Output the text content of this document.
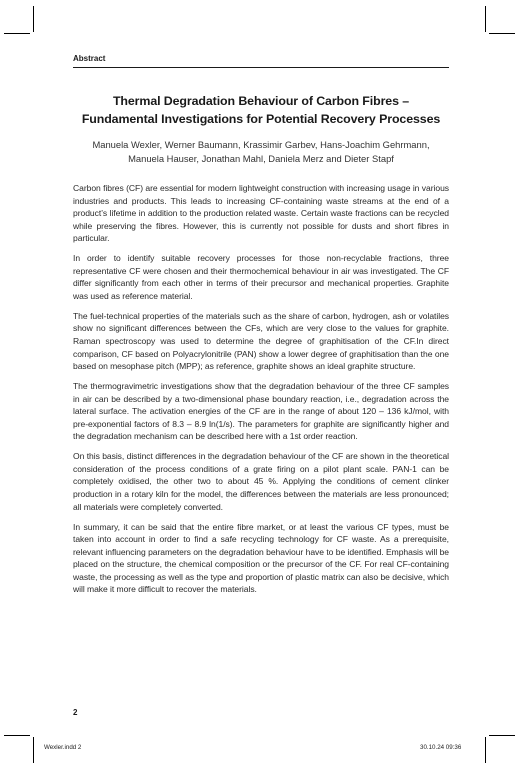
Abstract
Thermal Degradation Behaviour of Carbon Fibres –
Fundamental Investigations for Potential Recovery Processes
Manuela Wexler, Werner Baumann, Krassimir Garbev, Hans-Joachim Gehrmann,
Manuela Hauser, Jonathan Mahl, Daniela Merz and Dieter Stapf

Carbon fibres (CF) are essential for modern lightweight construction with increasing usage in various industries and products. This leads to increasing CF-containing waste streams at the end of a product’s lifetime in addition to the production related waste. Certain waste fractions can be recycled while preserving the fibres. However, this is currently not possible for dusts and short fibres in particular.

In order to identify suitable recovery processes for those non-recyclable fractions, three representative CF were chosen and their thermochemical behaviour in air was investigated. The CF differ significantly from each other in terms of their precursor and mechanical properties. Graphite was used as reference material.

The fuel-technical properties of the materials such as the share of carbon, hydrogen, ash or volatiles show no significant differences between the CFs, which are very close to the values for graphite. Raman spectroscopy was used to determine the degree of graphitisation of the CF.In direct comparison, CF based on Polyacrylonitrile (PAN) show a lower degree of graphitisation than the one based on mesophase pitch (MPP); as reference, graphite shows an ideal graphite structure.

The thermogravimetric investigations show that the degradation behaviour of the three CF samples in air can be described by a two-dimensional phase boundary reaction, i.e., degradation across the lateral surface. The activation energies of the CF are in the range of about 120 – 136 kJ/mol, with pre-exponential factors of 8.3 – 8.9 ln(1/s). The parameters for graphite are significantly higher and the degradation mechanism can be described here with a 1st order reaction.

On this basis, distinct differences in the degradation behaviour of the CF are shown in the theoretical consideration of the process conditions of a grate firing on a pilot plant scale. PAN-1 can be completely oxidised, the other two to about 45 %. Applying the conditions of cement clinker production in a rotary kiln for the model, the differences between the materials are less pronounced; all materials were completely converted.

In summary, it can be said that the entire fibre market, or at least the various CF types, must be taken into account in order to find a safe recycling technology for CF waste. As a prerequisite, relevant influencing parameters on the degradation behaviour have to be identified. Emphasis will be placed on the structure, the chemical composition or the precursor of the CF. For real CF-containing waste, the processing as well as the type and proportion of plastic matrix can also be decisive, which will make it more difficult to recover the materials.

2
Wexler.indd 2	30.10.24 09:36
